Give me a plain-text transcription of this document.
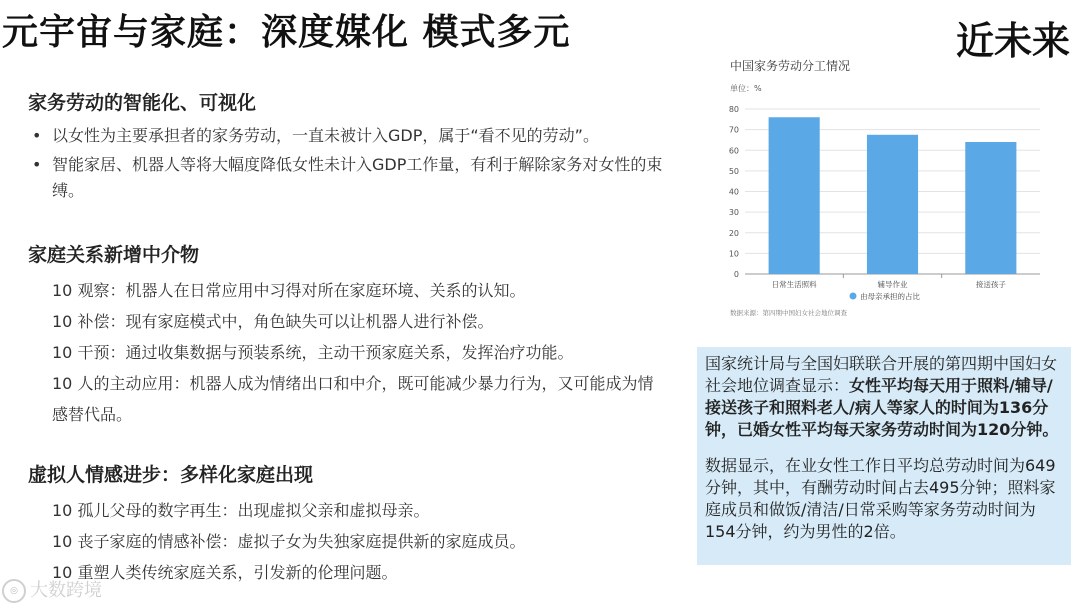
元宇宙与家庭：深度媒化 模式多元	近未来
家务劳动的智能化、可视化
• 以女性为主要承担者的家务劳动，一直未被计入GDP，属于“看不见的劳动”。
• 智能家居、机器人等将大幅度降低女性未计入GDP工作量，有利于解除家务对女性的束缚。
家庭关系新增中介物
10 观察：机器人在日常应用中习得对所在家庭环境、关系的认知。
10 补偿：现有家庭模式中，角色缺失可以让机器人进行补偿。
10 干预：通过收集数据与预装系统，主动干预家庭关系，发挥治疗功能。
10 人的主动应用：机器人成为情绪出口和中介，既可能减少暴力行为，又可能成为情感替代品。
虚拟人情感进步：多样化家庭出现
10 孤儿父母的数字再生：出现虚拟父亲和虚拟母亲。
10 丧子家庭的情感补偿：虚拟子女为失独家庭提供新的家庭成员。
10 重塑人类传统家庭关系，引发新的伦理问题。
中国家务劳动分工情况
单位：%
0
10
20
30
40
50
60
70
80
日常生活照料	辅导作业	接送孩子
由母亲承担的占比
数据来源：第四期中国妇女社会地位调查

国家统计局与全国妇联联合开展的第四期中国妇女社会地位调查显示：女性平均每天用于照料/辅导/接送孩子和照料老人/病人等家人的时间为136分钟，已婚女性平均每天家务劳动时间为120分钟。

数据显示，在业女性工作日平均总劳动时间为649分钟，其中，有酬劳动时间占去495分钟；照料家庭成员和做饭/清洁/日常采购等家务劳动时间为154分钟，约为男性的2倍。

◎ 大数跨境
